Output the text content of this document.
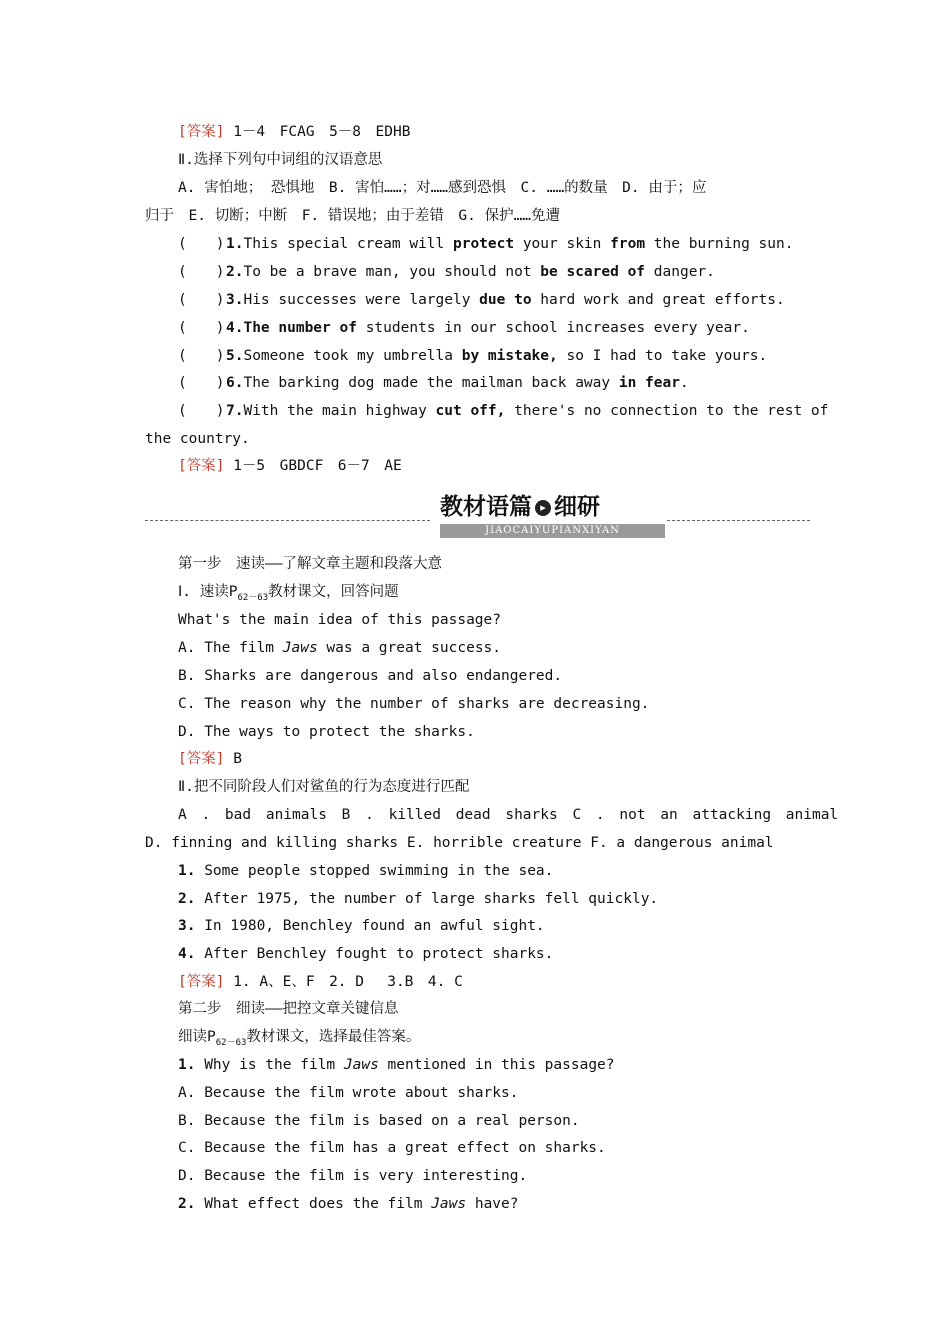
[答案] 1－4　FCAG　5－8　EDHB
Ⅱ.选择下列句中词组的汉语意思
A. 害怕地； 恐惧地　B. 害怕……；对……感到恐惧　C. ……的数量　D. 由于；应
归于　E. 切断；中断　F. 错误地；由于差错　G. 保护……免遭
(　　) 1.This special cream will protect your skin from the burning sun.
(　　) 2.To be a brave man, you should not be scared of danger.
(　　) 3.His successes were largely due to hard work and great efforts.
(　　) 4.The number of students in our school increases every year.
(　　) 5.Someone took my umbrella by mistake, so I had to take yours.
(　　) 6.The barking dog made the mailman back away in fear.
(　　) 7.With the main highway cut off, there's no connection to the rest of
the country.
[答案] 1－5　GBDCF　6－7　AE
教材语篇 ▸ 细研
JIAOCAIYUPIANXIYAN
第一步　速读——了解文章主题和段落大意
Ⅰ. 速读$P_{62-63}$教材课文，回答问题
What's the main idea of this passage?
A. The film Jaws was a great success.
B. Sharks are dangerous and also endangered.
C. The reason why the number of sharks are decreasing.
D. The ways to protect the sharks.
[答案] B
Ⅱ.把不同阶段人们对鲨鱼的行为态度进行匹配
A . bad animals B . killed dead sharks C . not an attacking animal
D. finning and killing sharks E. horrible creature F. a dangerous animal
1. Some people stopped swimming in the sea.
2. After 1975, the number of large sharks fell quickly.
3. In 1980, Benchley found an awful sight.
4. After Benchley fought to protect sharks.
[答案] 1. A、E、F　2. D　 3.B　4. C
第二步　细读——把控文章关键信息
细读$P_{62-63}$教材课文，选择最佳答案。
1. Why is the film Jaws mentioned in this passage?
A. Because the film wrote about sharks.
B. Because the film is based on a real person.
C. Because the film has a great effect on sharks.
D. Because the film is very interesting.
2. What effect does the film Jaws have?
